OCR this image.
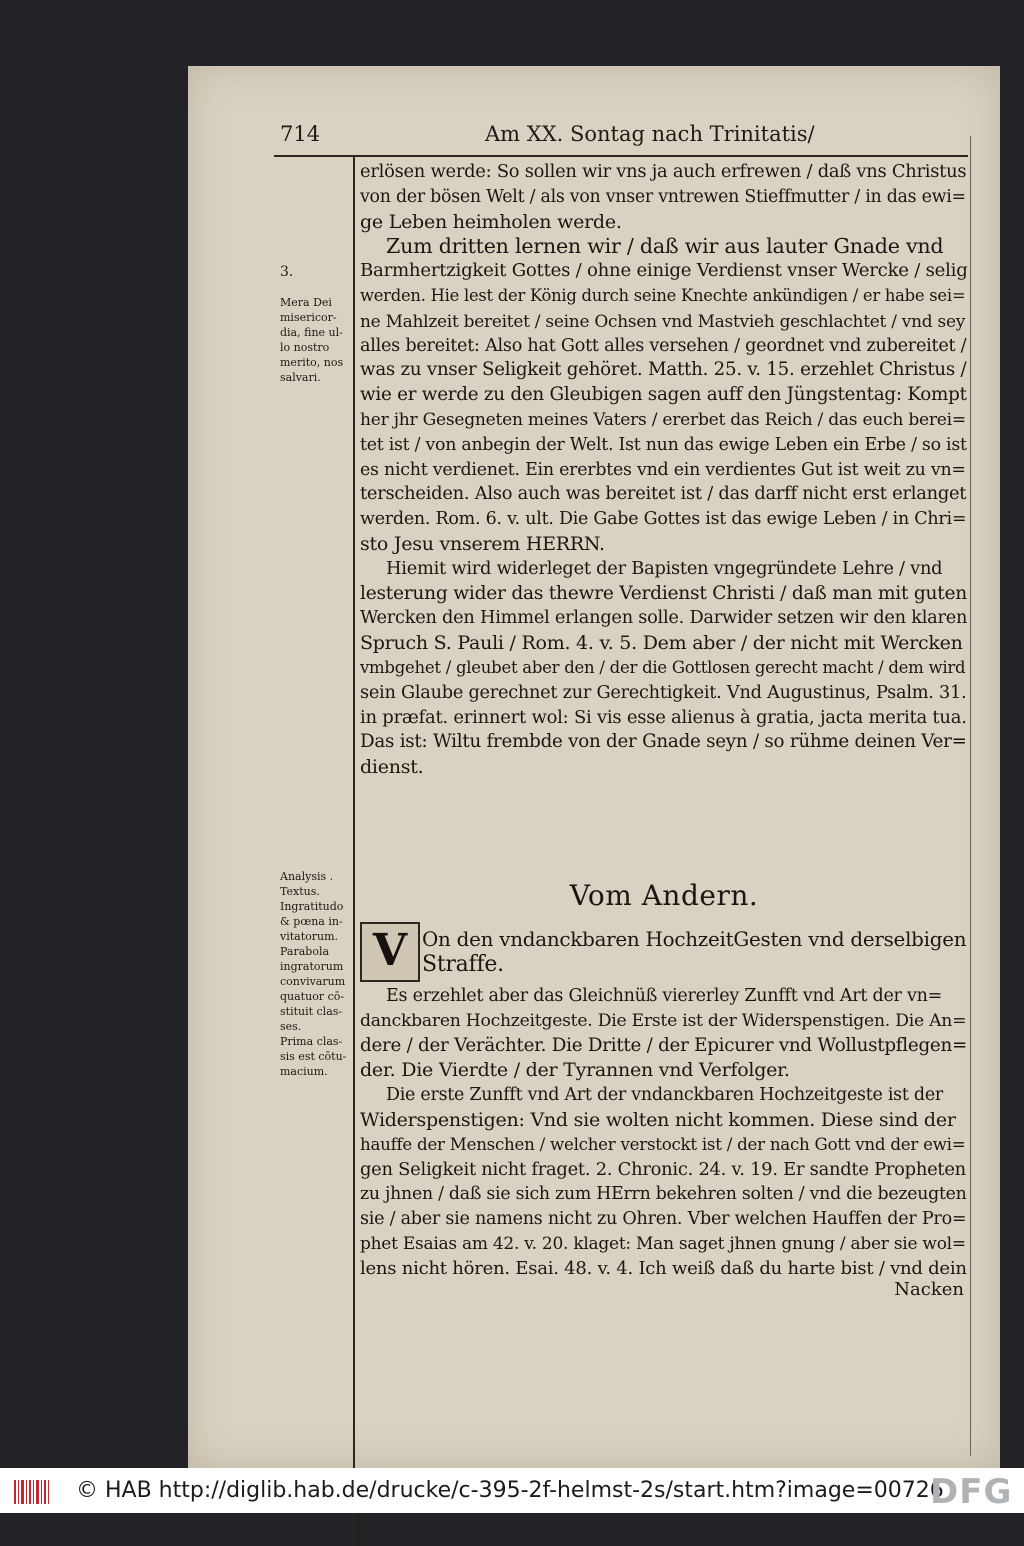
714	Am XX. Sontag nach Trinitatis/

3.

Mera Dei
misericor-
dia, fine ul-
lo nostro
merito, nos
salvari.

Analysis .
Textus.
Ingratitudo
& pœna in-
vitatorum.
Parabola
ingratorum
convivarum
quatuor cō-
stituit clas-
ses.
Prima clas-
sis est cōtu-
macium.

erlösen werde: So sollen wir vns ja auch erfrewen / daß vns Christus
von der bösen Welt / als von vnser vntrewen Stieffmutter / in das ewi=
ge Leben heimholen werde.
Zum dritten lernen wir / daß wir aus lauter Gnade vnd
Barmhertzigkeit Gottes / ohne einige Verdienst vnser Wercke / selig
werden. Hie lest der König durch seine Knechte ankündigen / er habe sei=
ne Mahlzeit bereitet / seine Ochsen vnd Mastvieh geschlachtet / vnd sey
alles bereitet: Also hat Gott alles versehen / geordnet vnd zubereitet /
was zu vnser Seligkeit gehöret. Matth. 25. v. 15. erzehlet Christus /
wie er werde zu den Gleubigen sagen auff den Jüngstentag: Kompt
her jhr Gesegneten meines Vaters / ererbet das Reich / das euch berei=
tet ist / von anbegin der Welt. Ist nun das ewige Leben ein Erbe / so ist
es nicht verdienet. Ein ererbtes vnd ein verdientes Gut ist weit zu vn=
terscheiden. Also auch was bereitet ist / das darff nicht erst erlanget
werden. Rom. 6. v. ult. Die Gabe Gottes ist das ewige Leben / in Chri=
sto Jesu vnserem HERRN.
Hiemit wird widerleget der Bapisten vngegründete Lehre / vnd
lesterung wider das thewre Verdienst Christi / daß man mit guten
Wercken den Himmel erlangen solle. Darwider setzen wir den klaren
Spruch S. Pauli / Rom. 4. v. 5. Dem aber / der nicht mit Wercken
vmbgehet / gleubet aber den / der die Gottlosen gerecht macht / dem wird
sein Glaube gerechnet zur Gerechtigkeit. Vnd Augustinus, Psalm. 31.
in præfat. erinnert wol: Si vis esse alienus à gratia, jacta merita tua.
Das ist: Wiltu frembde von der Gnade seyn / so rühme deinen Ver=
dienst.
Vom Andern.
V On den vndanckbaren HochzeitGesten vnd derselbigen
Straffe.
Es erzehlet aber das Gleichnüß viererley Zunfft vnd Art der vn=
danckbaren Hochzeitgeste. Die Erste ist der Widerspenstigen. Die An=
dere / der Verächter. Die Dritte / der Epicurer vnd Wollustpflegen=
der. Die Vierdte / der Tyrannen vnd Verfolger.
Die erste Zunfft vnd Art der vndanckbaren Hochzeitgeste ist der
Widerspenstigen: Vnd sie wolten nicht kommen. Diese sind der
hauffe der Menschen / welcher verstockt ist / der nach Gott vnd der ewi=
gen Seligkeit nicht fraget. 2. Chronic. 24. v. 19. Er sandte Propheten
zu jhnen / daß sie sich zum HErrn bekehren solten / vnd die bezeugten
sie / aber sie namens nicht zu Ohren. Vber welchen Hauffen der Pro=
phet Esaias am 42. v. 20. klaget: Man saget jhnen gnung / aber sie wol=
lens nicht hören. Esai. 48. v. 4. Ich weiß daß du harte bist / vnd dein
Nacken
© HAB http://diglib.hab.de/drucke/c-395-2f-helmst-2s/start.htm?image=00726
DFG
